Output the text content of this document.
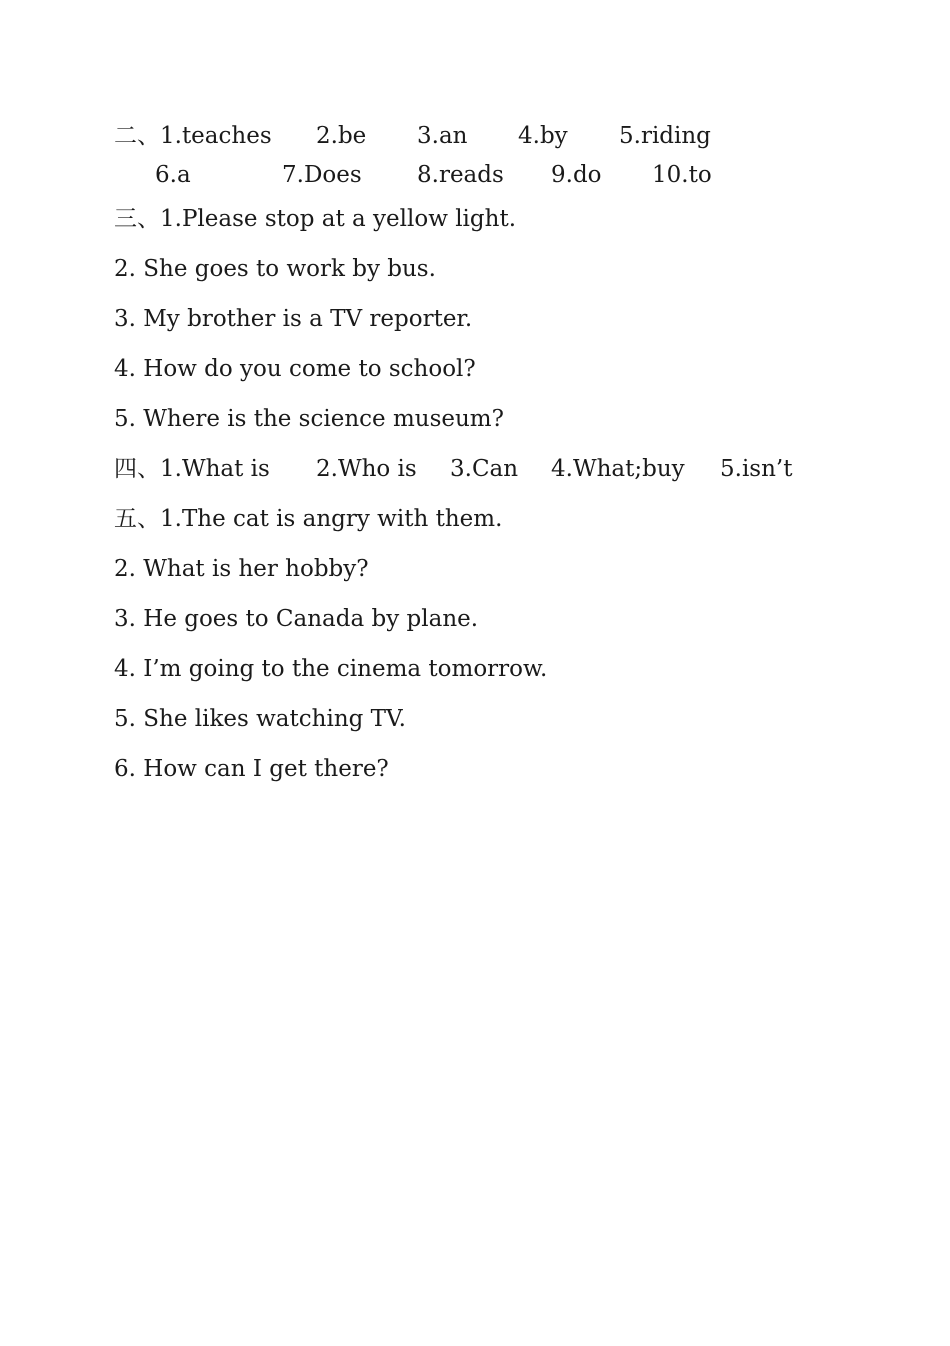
二、1.teaches 2.be 3.an 4.by 5.riding
6.a	7.Does 8.reads 9.do 10.to
三、1.Please stop at a yellow light.
2. She goes to work by bus.
3. My brother is a TV reporter.
4. How do you come to school?
5. Where is the science museum?
四、1.What is 2.Who is 3.Can 4.What;buy 5.isn’t
五、1.The cat is angry with them.
2. What is her hobby?
3. He goes to Canada by plane.
4. I’m going to the cinema tomorrow.
5. She likes watching TV.
6. How can I get there?
